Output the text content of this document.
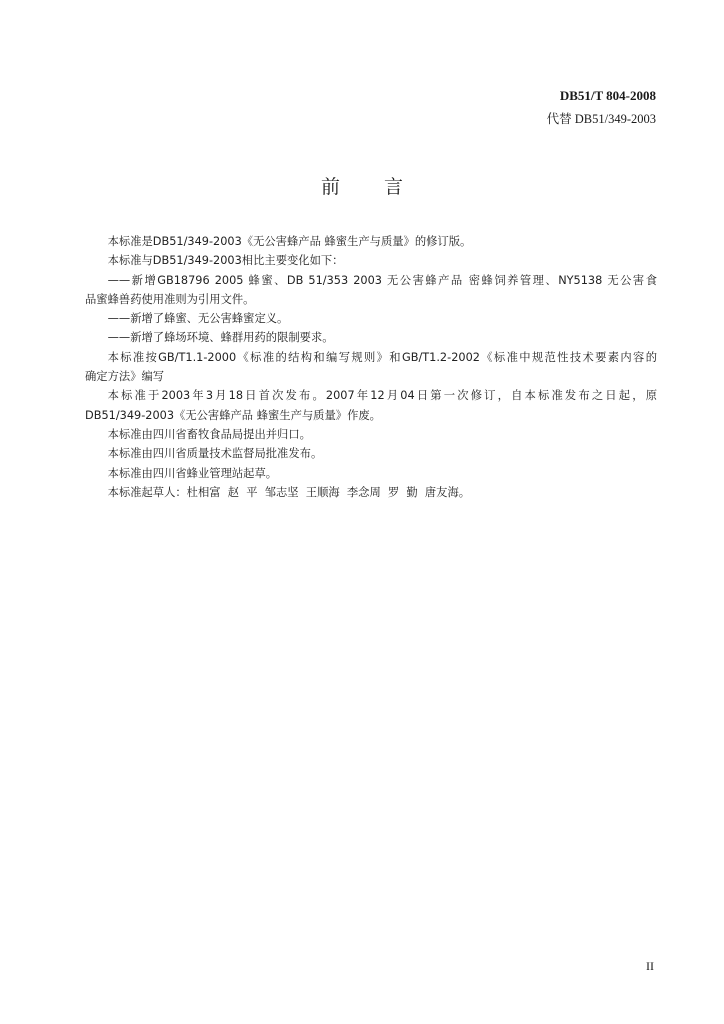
DB51/T 804-2008
代替 DB51/349-2003
前 言

本标准是DB51/349-2003《无公害蜂产品 蜂蜜生产与质量》的修订版。

本标准与DB51/349-2003相比主要变化如下：

——新增GB18796 2005 蜂蜜、DB 51/353 2003 无公害蜂产品 密蜂饲养管理、NY5138 无公害食

品蜜蜂兽药使用准则为引用文件。

——新增了蜂蜜、无公害蜂蜜定义。

——新增了蜂场环境、蜂群用药的限制要求。

本标准按GB/T1.1-2000《标准的结构和编写规则》和GB/T1.2-2002《标准中规范性技术要素内容的

确定方法》编写

本标准于2003年3月18日首次发布。2007年12月04日第一次修订，自本标准发布之日起，原

DB51/349-2003《无公害蜂产品 蜂蜜生产与质量》作废。

本标准由四川省畜牧食品局提出并归口。

本标准由四川省质量技术监督局批准发布。

本标准由四川省蜂业管理站起草。

本标准起草人：杜相富  赵  平  邹志坚  王顺海  李念周  罗  勤  唐友海。

II
